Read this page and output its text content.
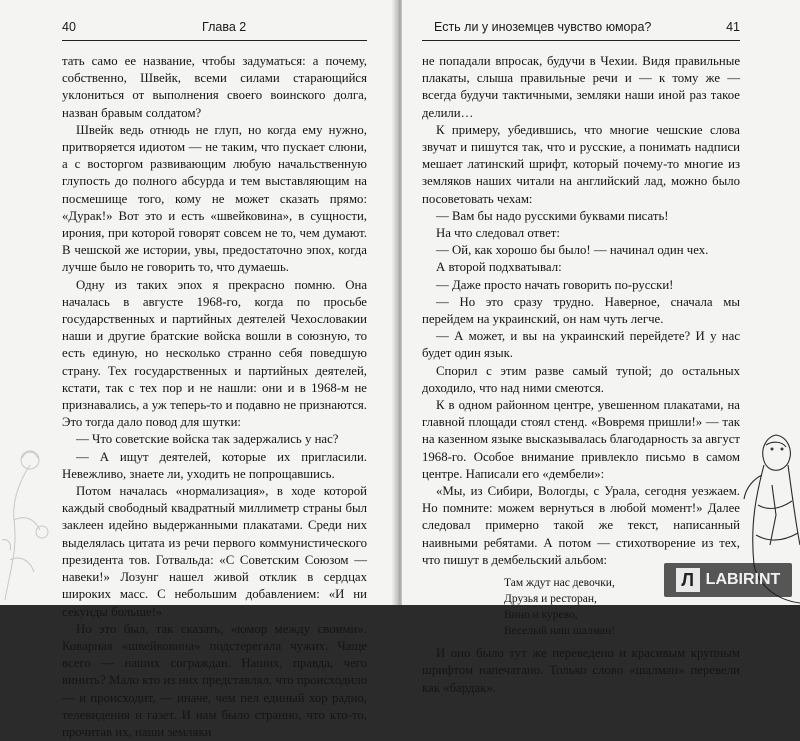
40	Глава 2

тать само ее название, чтобы задуматься: а почему, собственно, Швейк, всеми силами старающийся уклониться от выполнения своего воинского долга, назван бравым солдатом?

Швейк ведь отнюдь не глуп, но когда ему нужно, притворяется идиотом — не таким, что пускает слюни, а с восторгом развивающим любую начальственную глупость до полного абсурда и тем выставляющим на посмешище того, кому не может сказать прямо: «Дурак!» Вот это и есть «швейковина», в сущности, ирония, при которой говорят совсем не то, чем думают. В чешской же истории, увы, предостаточно эпох, когда лучше было не говорить то, что думаешь.

Одну из таких эпох я прекрасно помню. Она началась в августе 1968-го, когда по просьбе государственных и партийных деятелей Чехословакии наши и другие братские войска вошли в союзную, то есть единую, но несколько странно себя поведшую страну. Тех государственных и партийных деятелей, кстати, так с тех пор и не нашли: они и в 1968-м не признавались, а уж теперь-то и подавно не признаются. Это тогда дало повод для шутки:

— Что советские войска так задержались у нас?

— А ищут деятелей, которые их пригласили. Невежливо, знаете ли, уходить не попрощавшись.

Потом началась «нормализация», в ходе которой каждый свободный квадратный миллиметр страны был заклеен идейно выдержанными плакатами. Среди них выделялась цитата из речи первого коммунистического президента тов. Готвальда: «С Советским Союзом — навеки!» Лозунг нашел живой отклик в сердцах широких масс. С небольшим добавлением: «И ни секунды больше!»

Но это был, так сказать, «юмор между своими». Коварная «швейковина» подстерегала чужих. Чаще всего — наших сограждан. Наших, правда, чего винить? Мало кто из них представлял, что происходило — и происходит, — иначе, чем пел единый хор радио, телевидения и газет. И нам было странно, что кто-то, прочитав их, наши земляки

Есть ли у иноземцев чувство юмора?	41

не попадали впросак, будучи в Чехии. Видя правильные плакаты, слыша правильные речи и — к тому же — всегда будучи тактичными, земляки наши иной раз такое делили…

К примеру, убедившись, что многие чешские слова звучат и пишутся так, что и русские, а понимать надписи мешает латинский шрифт, который почему-то многие из земляков наших читали на английский лад, можно было посоветовать чехам:

— Вам бы надо русскими буквами писать!

На что следовал ответ:

— Ой, как хорошо бы было! — начинал один чех.

А второй подхватывал:

— Даже просто начать говорить по-русски!

— Но это сразу трудно. Наверное, сначала мы перейдем на украинский, он нам чуть легче.

— А может, и вы на украинский перейдете? И у нас будет один язык.

Спорил с этим разве самый тупой; до остальных доходило, что над ними смеются.

К в одном районном центре, увешенном плакатами, на главной площади стоял стенд. «Вовремя пришли!» — так на казенном языке высказывалась благодарность за август 1968-го. Особое внимание привлекло письмо в самом центре. Написали его «дембели»:

«Мы, из Сибири, Вологды, с Урала, сегодня уезжаем. Но помните: можем вернуться в любой момент!» Далее следовал примерно такой же текст, написанный наивными ребятами. А потом — стихотворение из тех, что пишут в дембельский альбом:

Там ждут нас девочки,
Друзья и ресторан,
Вино и курево,
Веселый наш шалман!

И оно было тут же переведено и красивым крупным шрифтом напечатано. Только слово «шалман» перевели как «бардак».

Л LABIRINT
